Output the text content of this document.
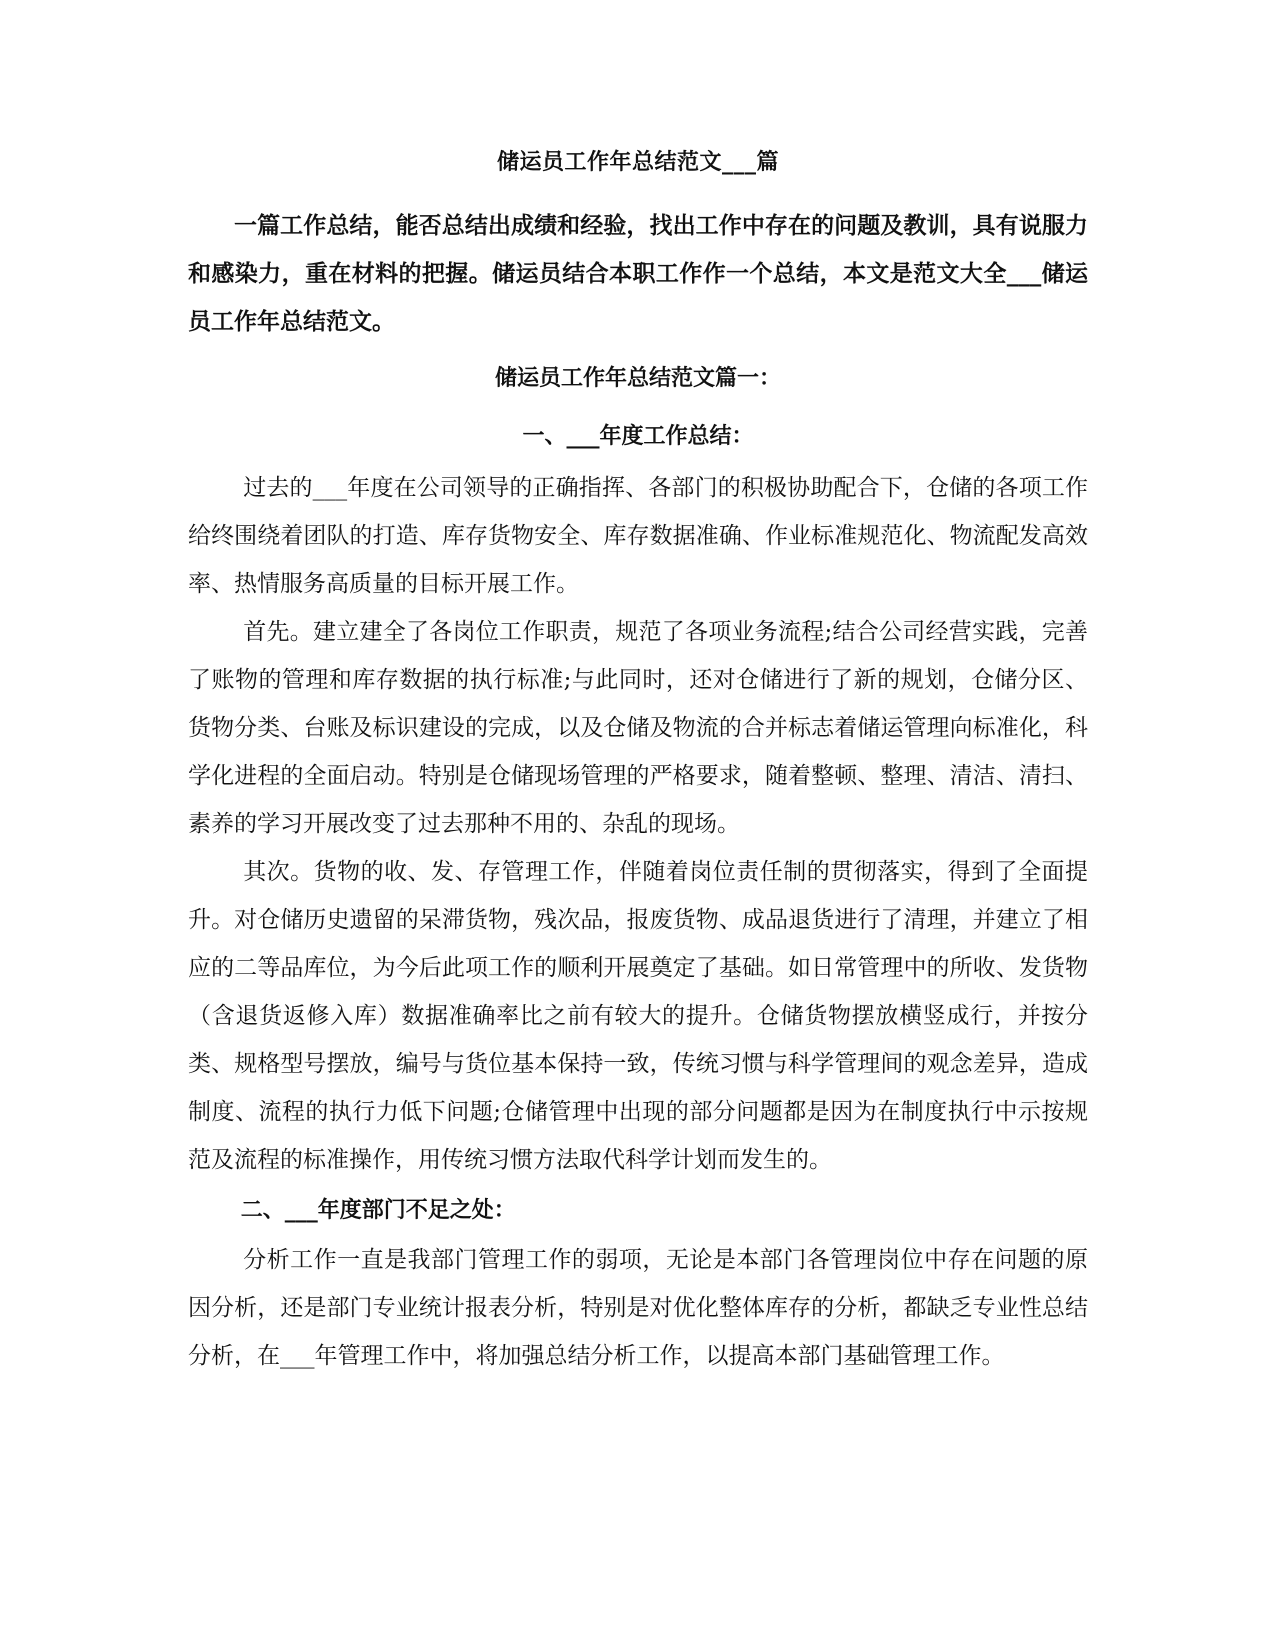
储运员工作年总结范文___篇

一篇工作总结，能否总结出成绩和经验，找出工作中存在的问题及教训，具有说服力和感染力，重在材料的把握。储运员结合本职工作作一个总结，本文是范文大全___储运员工作年总结范文。

储运员工作年总结范文篇一：
一、___年度工作总结：

过去的___年度在公司领导的正确指挥、各部门的积极协助配合下，仓储的各项工作给终围绕着团队的打造、库存货物安全、库存数据准确、作业标准规范化、物流配发高效率、热情服务高质量的目标开展工作。

首先。建立建全了各岗位工作职责，规范了各项业务流程;结合公司经营实践，完善了账物的管理和库存数据的执行标准;与此同时，还对仓储进行了新的规划，仓储分区、货物分类、台账及标识建设的完成，以及仓储及物流的合并标志着储运管理向标准化，科学化进程的全面启动。特别是仓储现场管理的严格要求，随着整顿、整理、清洁、清扫、素养的学习开展改变了过去那种不用的、杂乱的现场。

其次。货物的收、发、存管理工作，伴随着岗位责任制的贯彻落实，得到了全面提升。对仓储历史遗留的呆滞货物，残次品，报废货物、成品退货进行了清理，并建立了相应的二等品库位，为今后此项工作的顺利开展奠定了基础。如日常管理中的所收、发货物（含退货返修入库）数据准确率比之前有较大的提升。仓储货物摆放横竖成行，并按分类、规格型号摆放，编号与货位基本保持一致，传统习惯与科学管理间的观念差异，造成制度、流程的执行力低下问题;仓储管理中出现的部分问题都是因为在制度执行中示按规范及流程的标准操作，用传统习惯方法取代科学计划而发生的。

二、___年度部门不足之处：

分析工作一直是我部门管理工作的弱项，无论是本部门各管理岗位中存在问题的原因分析，还是部门专业统计报表分析，特别是对优化整体库存的分析，都缺乏专业性总结分析，在___年管理工作中，将加强总结分析工作，以提高本部门基础管理工作。
